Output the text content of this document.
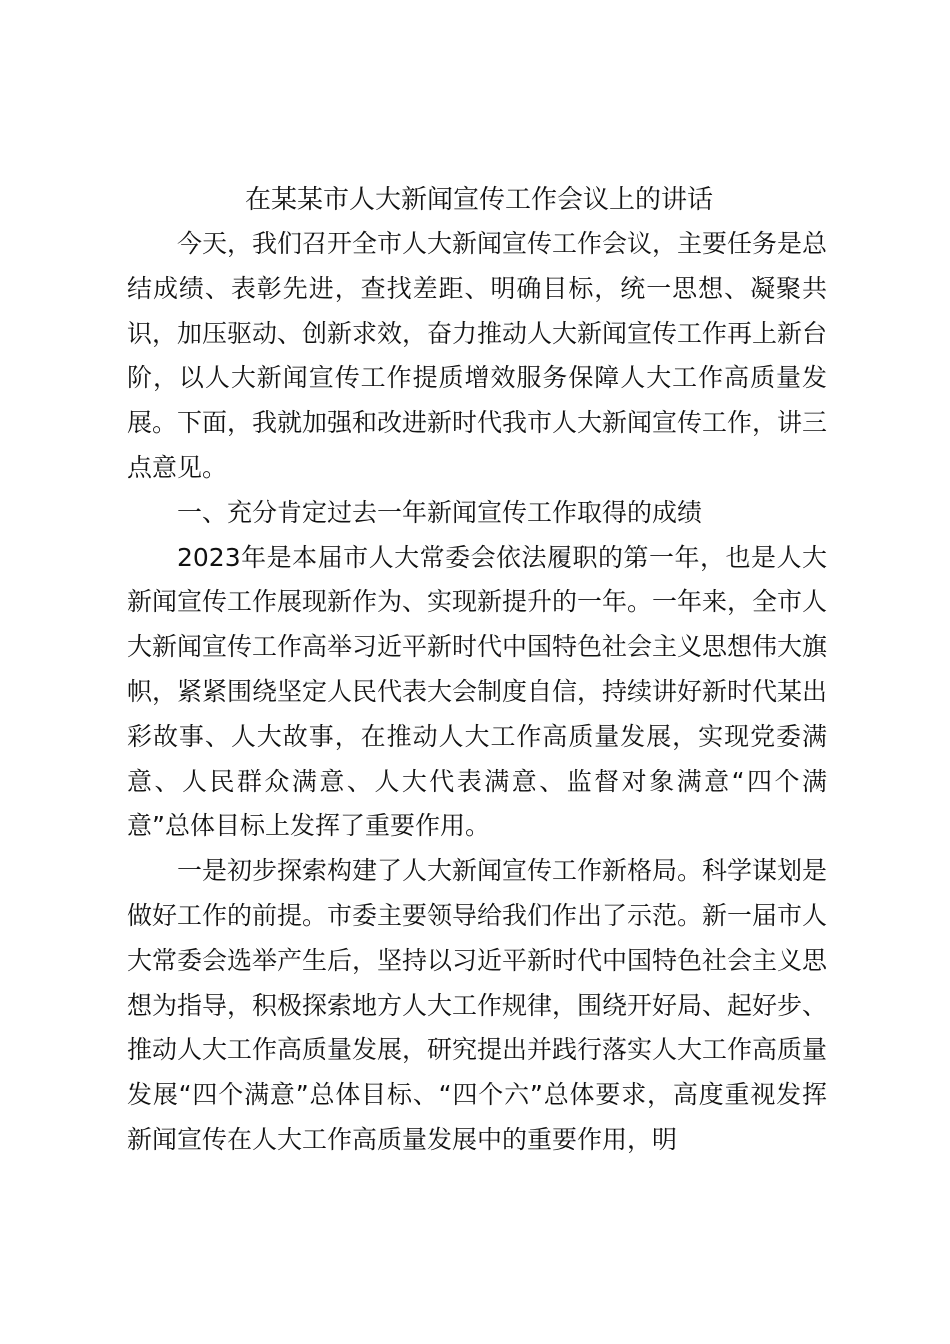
在某某市人大新闻宣传工作会议上的讲话

今天，我们召开全市人大新闻宣传工作会议，主要任务是总结成绩、表彰先进，查找差距、明确目标，统一思想、凝聚共识，加压驱动、创新求效，奋力推动人大新闻宣传工作再上新台阶，以人大新闻宣传工作提质增效服务保障人大工作高质量发展。下面，我就加强和改进新时代我市人大新闻宣传工作，讲三点意见。

一、充分肯定过去一年新闻宣传工作取得的成绩

2023年是本届市人大常委会依法履职的第一年，也是人大新闻宣传工作展现新作为、实现新提升的一年。一年来，全市人大新闻宣传工作高举习近平新时代中国特色社会主义思想伟大旗帜，紧紧围绕坚定人民代表大会制度自信，持续讲好新时代某出彩故事、人大故事，在推动人大工作高质量发展，实现党委满意、人民群众满意、人大代表满意、监督对象满意“四个满意”总体目标上发挥了重要作用。

一是初步探索构建了人大新闻宣传工作新格局。科学谋划是做好工作的前提。市委主要领导给我们作出了示范。新一届市人大常委会选举产生后，坚持以习近平新时代中国特色社会主义思想为指导，积极探索地方人大工作规律，围绕开好局、起好步、推动人大工作高质量发展，研究提出并践行落实人大工作高质量发展“四个满意”总体目标、“四个六”总体要求，高度重视发挥新闻宣传在人大工作高质量发展中的重要作用，明
